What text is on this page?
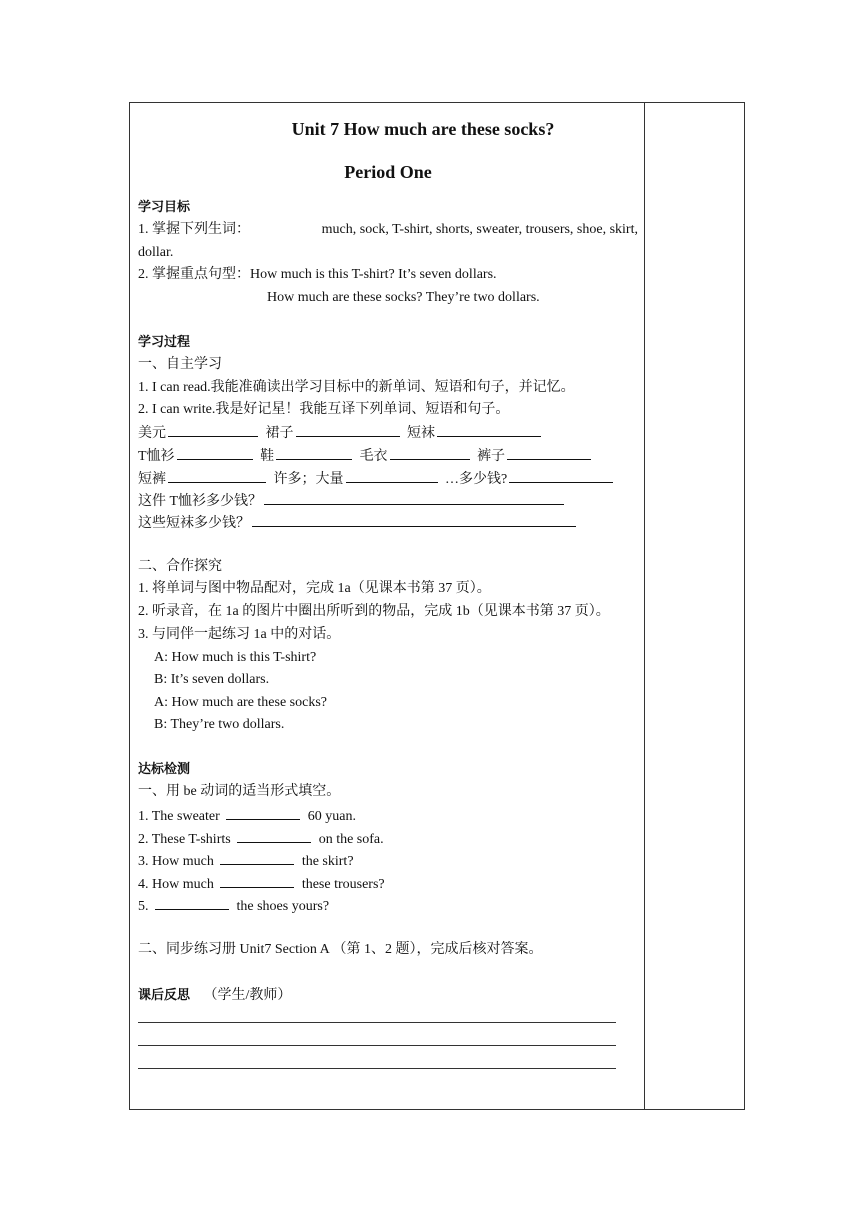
Unit 7 How much are these socks?
Period One
学习目标
1. 掌握下列生词：	much, sock, T-shirt, shorts, sweater, trousers, shoe, skirt,
dollar.
2. 掌握重点句型：How much is this T-shirt? It’s seven dollars.
How much are these socks? They’re two dollars.
学习过程
一、自主学习
1. I can read.我能准确读出学习目标中的新单词、短语和句子，并记忆。
2. I can write.我是好记星！我能互译下列单词、短语和句子。
美元	裙子	短袜
T恤衫	鞋	毛衣	裤子
短裤	许多；大量	…多少钱?
这件 T恤衫多少钱？
这些短袜多少钱？
二、合作探究
1. 将单词与图中物品配对，完成 1a（见课本书第 37 页）。
2. 听录音，在 1a 的图片中圈出所听到的物品，完成 1b（见课本书第 37 页）。
3. 与同伴一起练习 1a 中的对话。
A: How much is this T-shirt?
B: It’s seven dollars.
A: How much are these socks?
B: They’re two dollars.
达标检测
一、用 be 动词的适当形式填空。
1. The sweater	60 yuan.
2. These T-shirts	on the sofa.
3. How much	the skirt?
4. How much	these trousers?
5.	the shoes yours?
二、同步练习册 Unit7 Section A （第 1、2 题），完成后核对答案。
课后反思 （学生/教师）
